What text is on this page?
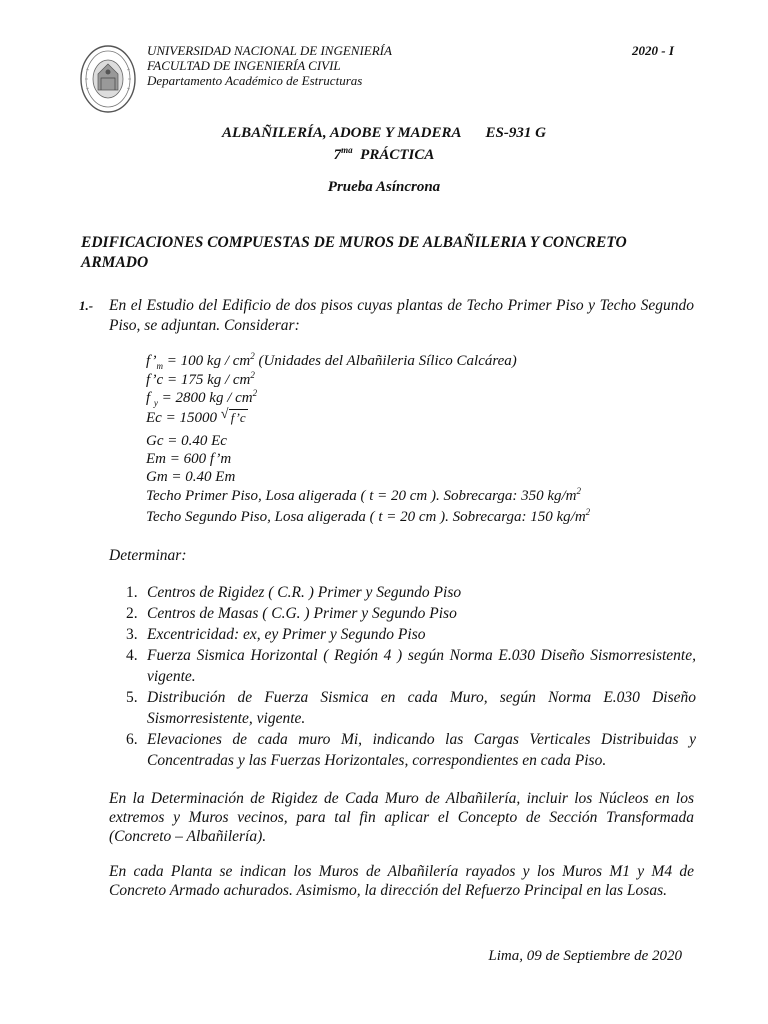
UNIVERSIDAD NACIONAL DE INGENIERÍA
FACULTAD DE INGENIERÍA CIVIL
Departamento Académico de Estructuras
2020 - I
ALBAÑILERÍA, ADOBE Y MADERA ES-931 G
$7^{ma}$ PRÁCTICA
Prueba Asíncrona
EDIFICACIONES COMPUESTAS DE MUROS DE ALBAÑILERIA Y CONCRETO ARMADO
1.- En el Estudio del Edificio de dos pisos cuyas plantas de Techo Primer Piso y Techo Segundo Piso, se adjuntan. Considerar:
$f’_m = 100$ kg / $cm^2$ (Unidades del Albañileria Sílico Calcárea)
f’c = 175 kg / $cm^2$
f $_y$ = 2800 kg / $cm^2$
Ec = 15000 √ f’c
Gc = 0.40 Ec
Em = 600 f’m
Gm = 0.40 Em
Techo Primer Piso, Losa aligerada ( t = 20 cm ). Sobrecarga: 350 $kg/m^2$
Techo Segundo Piso, Losa aligerada ( t = 20 cm ). Sobrecarga: 150 $kg/m^2$
Determinar:
1. Centros de Rigidez ( C.R. ) Primer y Segundo Piso
2. Centros de Masas ( C.G. ) Primer y Segundo Piso
3. Excentricidad: ex, ey Primer y Segundo Piso
4. Fuerza Sismica Horizontal ( Región 4 ) según Norma E.030 Diseño Sismorresistente, vigente.
5. Distribución de Fuerza Sismica en cada Muro, según Norma E.030 Diseño Sismorresistente, vigente.
6. Elevaciones de cada muro Mi, indicando las Cargas Verticales Distribuidas y Concentradas y las Fuerzas Horizontales, correspondientes en cada Piso.
En la Determinación de Rigidez de Cada Muro de Albañilería, incluir los Núcleos en los extremos y Muros vecinos, para tal fin aplicar el Concepto de Sección Transformada (Concreto – Albañilería).
En cada Planta se indican los Muros de Albañilería rayados y los Muros M1 y M4 de Concreto Armado achurados. Asimismo, la dirección del Refuerzo Principal en las Losas.
Lima, 09 de Septiembre de 2020
